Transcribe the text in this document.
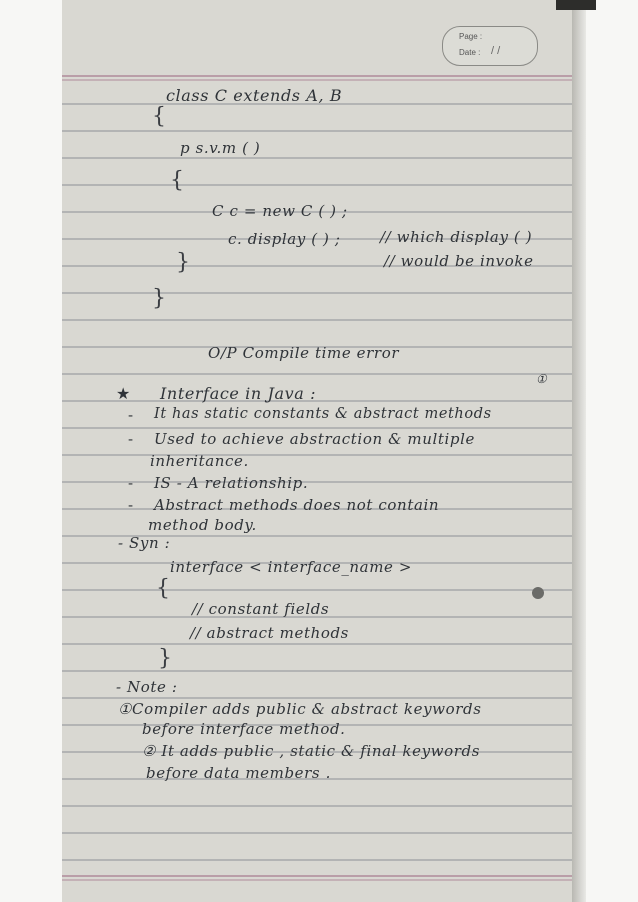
Page :
Date : / /
class C extends A, B
{
p s.v.m ( )
{
C c = new C ( ) ;
c. display ( ) ;	// which display ( )
// would be invoke
}
}
O/P Compile time error
①
★ Interface in Java :
- It has static constants & abstract methods
- Used to achieve abstraction & multiple
inheritance.
- IS - A relationship.
- Abstract methods does not contain
method body.
- Syn :
interface < interface_name >
{
// constant fields
// abstract methods
}
- Note :
①Compiler adds public & abstract keywords
before interface method.
② It adds public , static & final keywords
before data members .
